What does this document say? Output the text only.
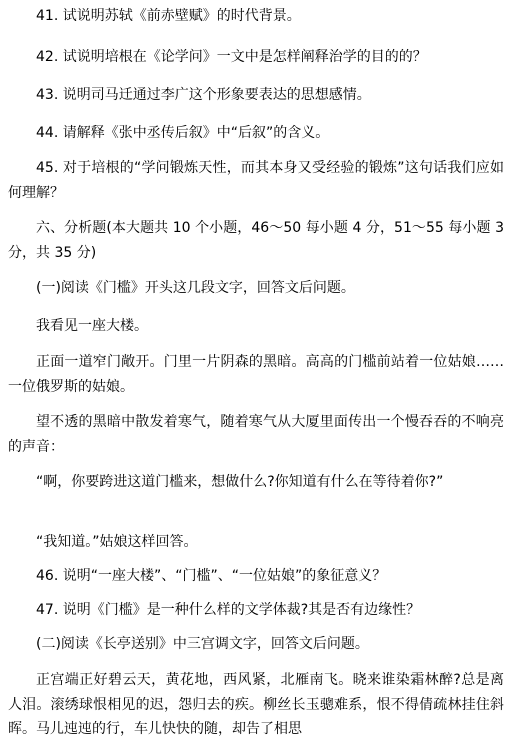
41. 试说明苏轼《前赤壁赋》的时代背景。

42. 试说明培根在《论学问》一文中是怎样阐释治学的目的的？

43. 说明司马迁通过李广这个形象要表达的思想感情。

44. 请解释《张中丞传后叙》中“后叙”的含义。

45. 对于培根的“学问锻炼天性，而其本身又受经验的锻炼”这句话我们应如何理解？

六、分析题(本大题共 10 个小题，46～50 每小题 4 分，51～55 每小题 3 分，共 35 分)

(一)阅读《门槛》开头这几段文字，回答文后问题。

我看见一座大楼。

正面一道窄门敞开。门里一片阴森的黑暗。高高的门槛前站着一位姑娘……一位俄罗斯的姑娘。

望不透的黑暗中散发着寒气，随着寒气从大厦里面传出一个慢吞吞的不响亮的声音：

“啊，你要跨进这道门槛来，想做什么?你知道有什么在等待着你?”

“我知道。”姑娘这样回答。

46. 说明“一座大楼”、“门槛”、“一位姑娘”的象征意义？

47. 说明《门槛》是一种什么样的文学体裁?其是否有边缘性？

(二)阅读《长亭送别》中三宫调文字，回答文后问题。

正宫端正好碧云天，黄花地，西风紧，北雁南飞。晓来谁染霜林醉?总是离人泪。滚绣球恨相见的迟，怨归去的疾。柳丝长玉骢难系，恨不得倩疏林挂住斜晖。马儿迍迍的行，车儿快快的随，却告了相思
